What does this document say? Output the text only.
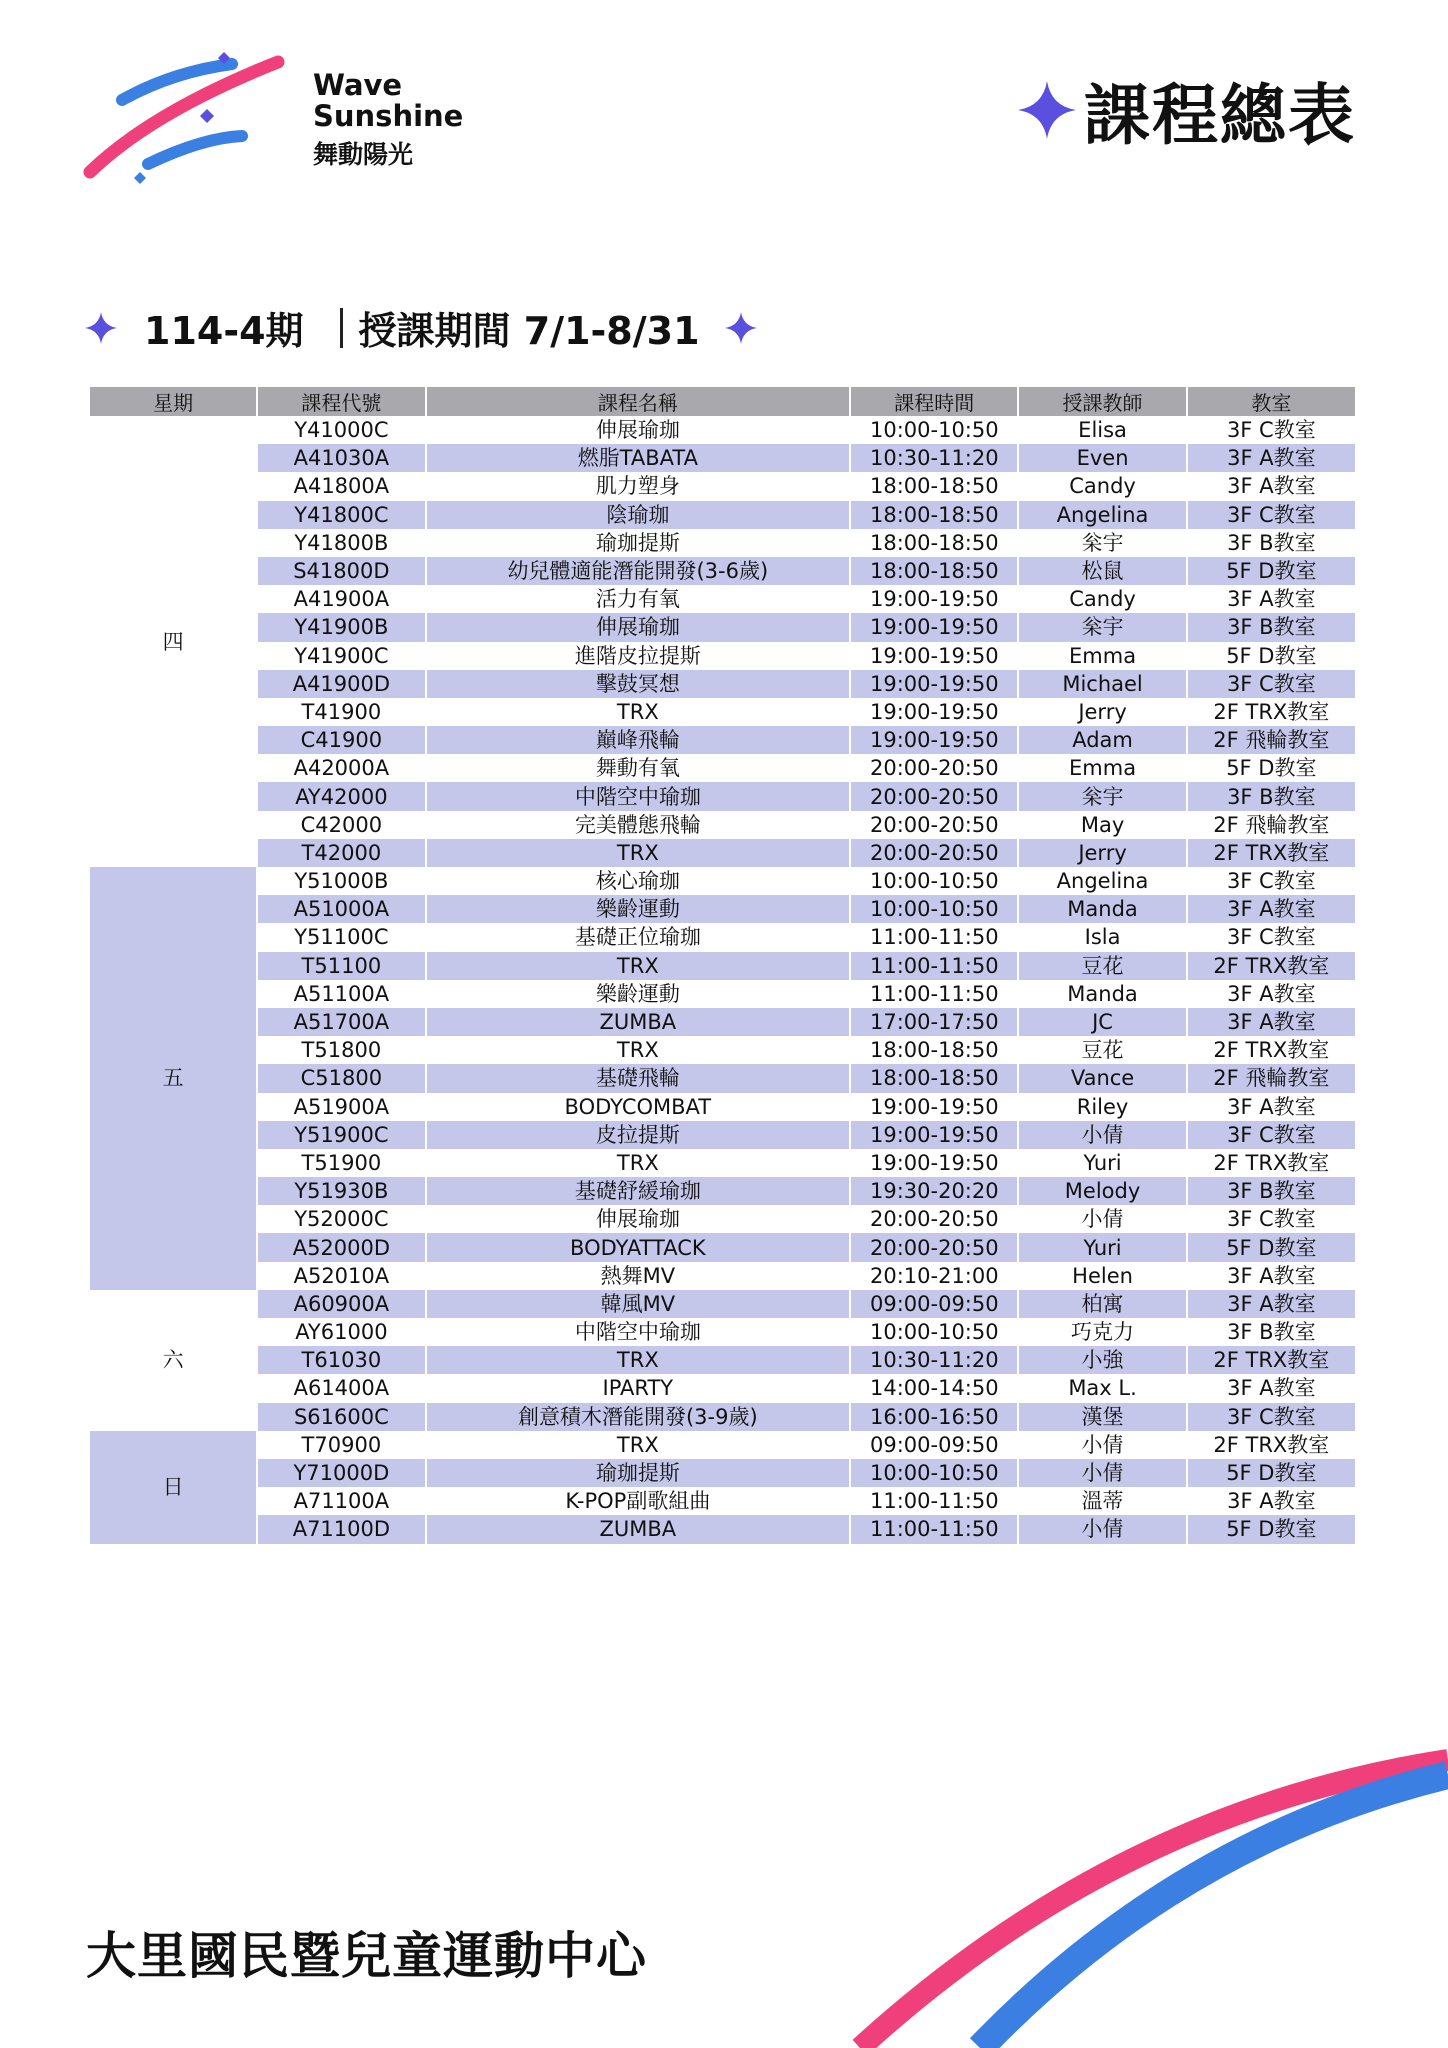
Wave
Sunshine
舞動陽光
課程總表
114-4期 授課期間 7/1-8/31
星期	課程代號	課程名稱	課程時間	授課教師	教室
四	Y41000C	伸展瑜珈	10:00-10:50	Elisa	3F C教室
	A41030A	燃脂TABATA	10:30-11:20	Even	3F A教室
	A41800A	肌力塑身	18:00-18:50	Candy	3F A教室
	Y41800C	陰瑜珈	18:00-18:50	Angelina	3F C教室
	Y41800B	瑜珈提斯	18:00-18:50	枀宇	3F B教室
	S41800D	幼兒體適能潛能開發(3-6歲)	18:00-18:50	松鼠	5F D教室
	A41900A	活力有氧	19:00-19:50	Candy	3F A教室
	Y41900B	伸展瑜珈	19:00-19:50	枀宇	3F B教室
	Y41900C	進階皮拉提斯	19:00-19:50	Emma	5F D教室
	A41900D	擊鼓冥想	19:00-19:50	Michael	3F C教室
	T41900	TRX	19:00-19:50	Jerry	2F TRX教室
	C41900	巔峰飛輪	19:00-19:50	Adam	2F 飛輪教室
	A42000A	舞動有氧	20:00-20:50	Emma	5F D教室
	AY42000	中階空中瑜珈	20:00-20:50	枀宇	3F B教室
	C42000	完美體態飛輪	20:00-20:50	May	2F 飛輪教室
	T42000	TRX	20:00-20:50	Jerry	2F TRX教室
五	Y51000B	核心瑜珈	10:00-10:50	Angelina	3F C教室
	A51000A	樂齡運動	10:00-10:50	Manda	3F A教室
	Y51100C	基礎正位瑜珈	11:00-11:50	Isla	3F C教室
	T51100	TRX	11:00-11:50	豆花	2F TRX教室
	A51100A	樂齡運動	11:00-11:50	Manda	3F A教室
	A51700A	ZUMBA	17:00-17:50	JC	3F A教室
	T51800	TRX	18:00-18:50	豆花	2F TRX教室
	C51800	基礎飛輪	18:00-18:50	Vance	2F 飛輪教室
	A51900A	BODYCOMBAT	19:00-19:50	Riley	3F A教室
	Y51900C	皮拉提斯	19:00-19:50	小倩	3F C教室
	T51900	TRX	19:00-19:50	Yuri	2F TRX教室
	Y51930B	基礎舒緩瑜珈	19:30-20:20	Melody	3F B教室
	Y52000C	伸展瑜珈	20:00-20:50	小倩	3F C教室
	A52000D	BODYATTACK	20:00-20:50	Yuri	5F D教室
	A52010A	熱舞MV	20:10-21:00	Helen	3F A教室
六	A60900A	韓風MV	09:00-09:50	柏寓	3F A教室
	AY61000	中階空中瑜珈	10:00-10:50	巧克力	3F B教室
	T61030	TRX	10:30-11:20	小強	2F TRX教室
	A61400A	IPARTY	14:00-14:50	Max L.	3F A教室
	S61600C	創意積木潛能開發(3-9歲)	16:00-16:50	漢堡	3F C教室
日	T70900	TRX	09:00-09:50	小倩	2F TRX教室
	Y71000D	瑜珈提斯	10:00-10:50	小倩	5F D教室
	A71100A	K-POP副歌組曲	11:00-11:50	溫蒂	3F A教室
	A71100D	ZUMBA	11:00-11:50	小倩	5F D教室
大里國民暨兒童運動中心
